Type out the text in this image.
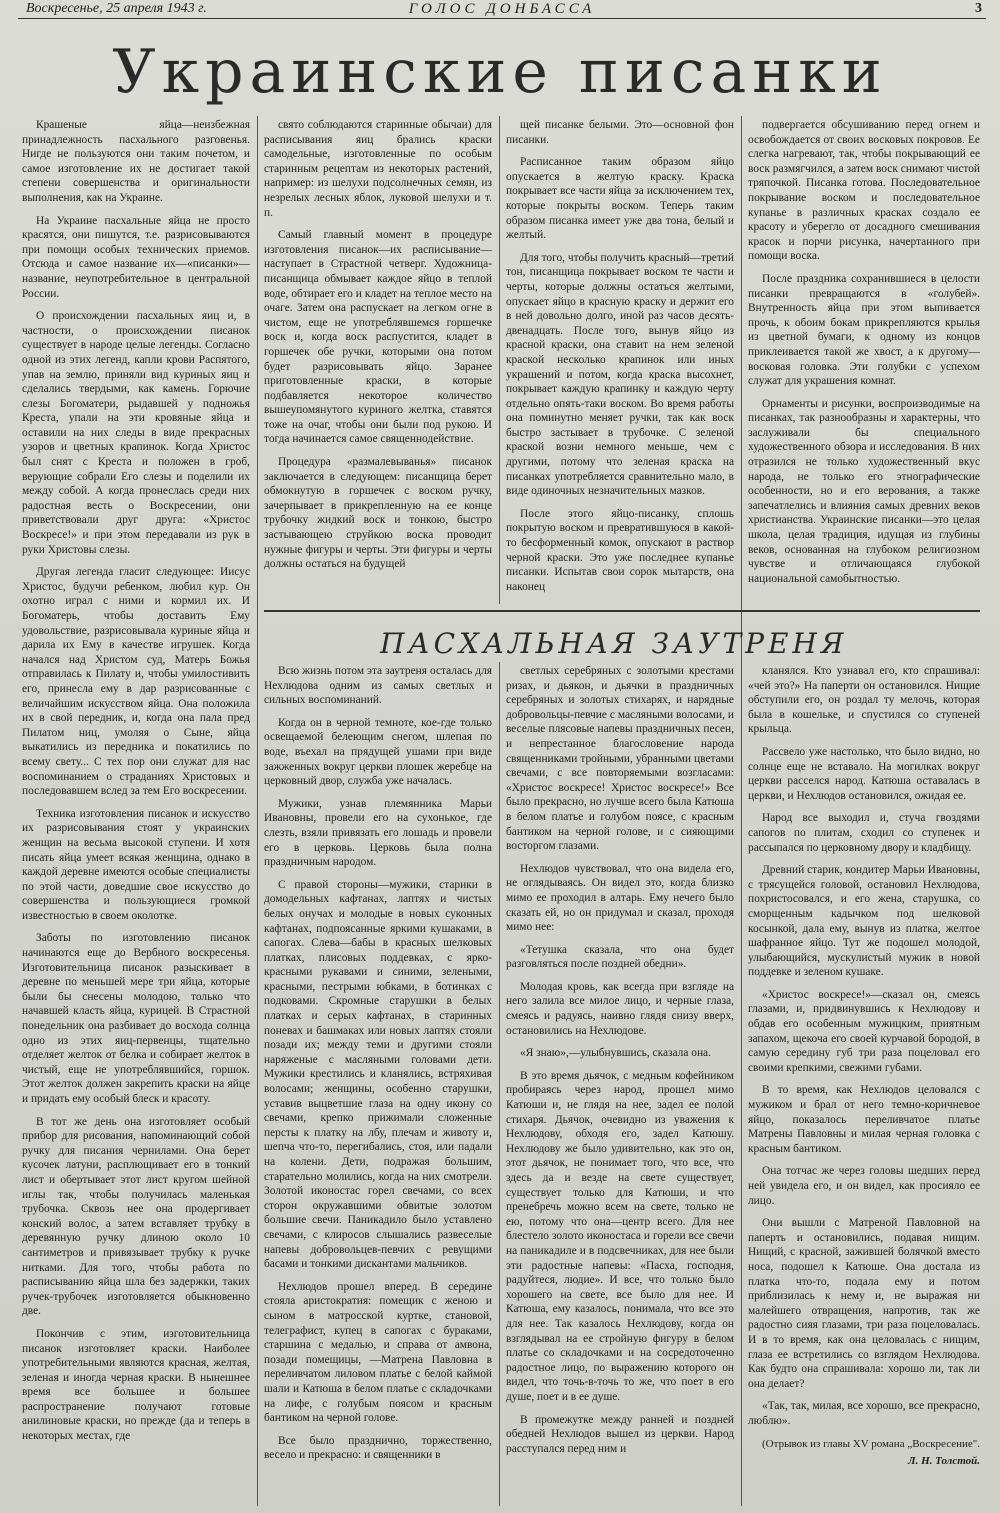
Воскресенье, 25 апреля 1943 г.	ГОЛОС ДОНБАССА	3
Украинские писанки

Крашеные яйца—неизбежная принадлежность пасхального разговенья. Нигде не пользуются они таким почетом, и самое изготовление их не достигает такой степени совершенства и оригинальности выполнения, как на Украине.

На Украине пасхальные яйца не просто красятся, они пишутся, т.е. разрисовываются при помощи особых технических приемов. Отсюда и самое название их—«писанки»—название, неупотребительное в центральной России.

О происхождении пасхальных яиц и, в частности, о происхождении писанок существует в народе целые легенды. Согласно одной из этих легенд, капли крови Распятого, упав на землю, приняли вид куриных яиц и сделались твердыми, как камень. Горючие слезы Богоматери, рыдавшей у подножья Креста, упали на эти кровяные яйца и оставили на них следы в виде прекрасных узоров и цветных крапинок. Когда Христос был снят с Креста и положен в гроб, верующие собрали Его слезы и поделили их между собой. А когда пронеслась среди них радостная весть о Воскресении, они приветствовали друг друга: «Христос Воскресе!» и при этом передавали из рук в руки Христовы слезы.

Другая легенда гласит следующее: Иисус Христос, будучи ребенком, любил кур. Он охотно играл с ними и кормил их. И Богоматерь, чтобы доставить Ему удовольствие, разрисовывала куриные яйца и дарила их Ему в качестве игрушек. Когда начался над Христом суд, Матерь Божья отправилась к Пилату и, чтобы умилостивить его, принесла ему в дар разрисованные с величайшим искусством яйца. Она положила их в свой передник, и, когда она пала пред Пилатом ниц, умоляя о Сыне, яйца выкатились из передника и покатились по всему свету... С тех пор они служат для нас воспоминанием о страданиях Христовых и последовавшем вслед за тем Его воскресении.

Техника изготовления писанок и искусство их разрисовывания стоят у украинских женщин на весьма высокой ступени. И хотя писать яйца умеет всякая женщина, однако в каждой деревне имеются особые специалисты по этой части, доведшие свое искусство до совершенства и пользующиеся громкой известностью в своем околотке.

Заботы по изготовлению писанок начинаются еще до Вербного воскресенья. Изготовительница писанок разыскивает в деревне по меньшей мере три яйца, которые были бы снесены молодою, только что начавшей класть яйца, курицей. В Страстной понедельник она разбивает до восхода солнца одно из этих яиц-первенцы, тщательно отделяет желток от белка и собирает желток в чистый, еще не употреблявшийся, горшок. Этот желток должен закрепить краски на яйце и придать ему особый блеск и красоту.

В тот же день она изготовляет особый прибор для рисования, напоминающий собой ручку для писания чернилами. Она берет кусочек латуни, расплющивает его в тонкий лист и обертывает этот лист кругом шейной иглы так, чтобы получилась маленькая трубочка. Сквозь нее она продергивает конский волос, а затем вставляет трубку в деревянную ручку длиною около 10 сантиметров и привязывает трубку к ручке нитками. Для того, чтобы работа по расписыванию яйца шла без задержки, таких ручек-трубочек изготовляется обыкновенно две.

Покончив с этим, изготовительница писанок изготовляет краски. Наиболее употребительными являются красная, желтая, зеленая и иногда черная краски. В нынешнее время все большее и большее распространение получают готовые анилиновые краски, но прежде (да и теперь в некоторых местах, где

свято соблюдаются старинные обычаи) для расписывания яиц брались краски самодельные, изготовленные по особым старинным рецептам из некоторых растений, например: из шелухи подсолнечных семян, из незрелых лесных яблок, луковой шелухи и т. п.

Самый главный момент в процедуре изготовления писанок—их расписывание—наступает в Страстной четверг. Художница-писанщица обмывает каждое яйцо в теплой воде, обтирает его и кладет на теплое место на очаге. Затем она распускает на легком огне в чистом, еще не употреблявшемся горшечке воск и, когда воск распустится, кладет в горшечек обе ручки, которыми она потом будет разрисовывать яйцо. Заранее приготовленные краски, в которые подбавляется некоторое количество вышеупомянутого куриного желтка, ставятся тоже на очаг, чтобы они были под рукою. И тогда начинается самое священнодействие.

Процедура «размалевыванья» писанок заключается в следующем: писанщица берет обмокнутую в горшечек с воском ручку, зачерпывает в прикрепленную на ее конце трубочку жидкий воск и тонкою, быстро застывающею струйкою воска проводит нужные фигуры и черты. Эти фигуры и черты должны остаться на будущей

щей писанке белыми. Это—основной фон писанки.

Расписанное таким образом яйцо опускается в желтую краску. Краска покрывает все части яйца за исключением тех, которые покрыты воском. Теперь таким образом писанка имеет уже два тона, белый и желтый.

Для того, чтобы получить красный—третий тон, писанщица покрывает воском те части и черты, которые должны остаться желтыми, опускает яйцо в красную краску и держит его в ней довольно долго, иной раз часов десять-двенадцать. После того, вынув яйцо из красной краски, она ставит на нем зеленой краской несколько крапинок или иных украшений и потом, когда краска высохнет, покрывает каждую крапинку и каждую черту отдельно опять-таки воском. Во время работы она поминутно меняет ручки, так как воск быстро застывает в трубочке. С зеленой краской возни немного меньше, чем с другими, потому что зеленая краска на писанках употребляется сравнительно мало, в виде одиночных незначительных мазков.

После этого яйцо-писанку, сплошь покрытую воском и превратившуюся в какой-то бесформенный комок, опускают в раствор черной краски. Это уже последнее купанье писанки. Испытав свои сорок мытарств, она наконец

подвергается обсушиванию перед огнем и освобождается от своих восковых покровов. Ее слегка нагревают, так, чтобы покрывающий ее воск размягчился, а затем воск снимают чистой тряпочкой. Писанка готова. Последовательное покрывание воском и последовательное купанье в различных красках создало ее красоту и уберегло от досадного смешивания красок и порчи рисунка, начертанного при помощи воска.

После праздника сохранившиеся в целости писанки превращаются в «голубей». Внутренность яйца при этом выпивается прочь, к обоим бокам прикрепляются крылья из цветной бумаги, к одному из концов приклеивается такой же хвост, а к другому—восковая головка. Эти голубки с успехом служат для украшения комнат.

Орнаменты и рисунки, воспроизводимые на писанках, так разнообразны и характерны, что заслуживали бы специального художественного обзора и исследования. В них отразился не только художественный вкус народа, не только его этнографические особенности, но и его верования, а также запечатлелись и влияния самых древних веков христианства. Украинские писанки—это целая школа, целая традиция, идущая из глубины веков, основанная на глубоком религиозном чувстве и отличающаяся глубокой национальной самобытностью.

ПАСХАЛЬНАЯ ЗАУТРЕНЯ

Всю жизнь потом эта заутреня осталась для Нехлюдова одним из самых светлых и сильных воспоминаний.

Когда он в черной темноте, кое-где только освещаемой белеющим снегом, шлепая по воде, въехал на прядущей ушами при виде зажженных вокруг церкви плошек жеребце на церковный двор, служба уже началась.

Мужики, узнав племянника Марьи Ивановны, провели его на сухонькое, где слезть, взяли привязать его лошадь и провели его в церковь. Церковь была полна праздничным народом.

С правой стороны—мужики, старики в домодельных кафтанах, лаптях и чистых белых онучах и молодые в новых суконных кафтанах, подпоясанные яркими кушаками, в сапогах. Слева—бабы в красных шелковых платках, плисовых поддевках, с ярко-красными рукавами и синими, зелеными, красными, пестрыми юбками, в ботинках с подковами. Скромные старушки в белых платках и серых кафтанах, в старинных поневах и башмаках или новых лаптях стояли позади их; между теми и другими стояли наряженые с масляными головами дети. Мужики крестились и кланялись, встряхивая волосами; женщины, особенно старушки, уставив выцветшие глаза на одну икону со свечами, крепко прижимали сложенные персты к платку на лбу, плечам и животу и, шепча что-то, перегибались, стоя, или падали на колени. Дети, подражая большим, старательно молились, когда на них смотрели. Золотой иконостас горел свечами, со всех сторон окружавшими обвитые золотом большие свечи. Паникадило было уставлено свечами, с клиросов слышались развеселые напевы добровольцев-певчих с ревущими басами и тонкими дискантами мальчиков.

Нехлюдов прошел вперед. В середине стояла аристократия: помещик с женою и сыном в матросской куртке, становой, телеграфист, купец в сапогах с бураками, старшина с медалью, и справа от амвона, позади помещицы, —Матрена Павловна в переливчатом лиловом платье с белой каймой шали и Катюша в белом платье с складочками на лифе, с голубым поясом и красным бантиком на черной голове.

Все было празднично, торжественно, весело и прекрасно: и священники в

светлых серебряных с золотыми крестами ризах, и дьякон, и дьячки в праздничных серебряных и золотых стихарях, и нарядные добровольцы-певчие с масляными волосами, и веселые плясовые напевы праздничных песен, и непрестанное благословение народа священниками тройными, убранными цветами свечами, с все повторяемыми возгласами: «Христос воскресе! Христос воскресе!» Все было прекрасно, но лучше всего была Катюша в белом платье и голубом поясе, с красным бантиком на черной голове, и с сияющими восторгом глазами.

Нехлюдов чувствовал, что она видела его, не оглядываясь. Он видел это, когда близко мимо ее проходил в алтарь. Ему нечего было сказать ей, но он придумал и сказал, проходя мимо нее:

«Тетушка сказала, что она будет разговляться после поздней обедни».

Молодая кровь, как всегда при взгляде на него залила все милое лицо, и черные глаза, смеясь и радуясь, наивно глядя снизу вверх, остановились на Нехлюдове.

«Я знаю»,—улыбнувшись, сказала она.

В это время дьячок, с медным кофейником пробираясь через народ, прошел мимо Катюши и, не глядя на нее, задел ее полой стихаря. Дьячок, очевидно из уважения к Нехлюдову, обходя его, задел Катюшу. Нехлюдову же было удивительно, как это он, этот дьячок, не понимает того, что все, что здесь да и везде на свете существует, существует только для Катюши, и что пренебречь можно всем на свете, только не ею, потому что она—центр всего. Для нее блестело золото иконостаса и горели все свечи на паникадиле и в подсвечниках, для нее были эти радостные напевы: «Пасха, господня, радуйтеся, людие». И все, что только было хорошего на свете, все было для нее. И Катюша, ему казалось, понимала, что все это для нее. Так казалось Нехлюдову, когда он взглядывал на ее стройную фигуру в белом платье со складочками и на сосредоточенно радостное лицо, по выражению которого он видел, что точь-в-точь то же, что поет в его душе, поет и в ее душе.

В промежутке между ранней и поздней обедней Нехлюдов вышел из церкви. Народ расступался перед ним и

кланялся. Кто узнавал его, кто спрашивал: «чей это?» На паперти он остановился. Нищие обступили его, он роздал ту мелочь, которая была в кошельке, и спустился со ступеней крыльца.

Рассвело уже настолько, что было видно, но солнце еще не вставало. На могилках вокруг церкви расселся народ. Катюша оставалась в церкви, и Нехлюдов остановился, ожидая ее.

Народ все выходил и, стуча гвоздями сапогов по плитам, сходил со ступенек и рассыпался по церковному двору и кладбищу.

Древний старик, кондитер Марьи Ивановны, с трясущейся головой, остановил Нехлюдова, похристосовался, и его жена, старушка, со сморщенным кадычком под шелковой косынкой, дала ему, вынув из платка, желтое шафранное яйцо. Тут же подошел молодой, улыбающийся, мускулистый мужик в новой поддевке и зеленом кушаке.

«Христос воскресе!»—сказал он, смеясь глазами, и, придвинувшись к Нехлюдову и обдав его особенным мужицким, приятным запахом, щекоча его своей курчавой бородой, в самую середину губ три раза поцеловал его своими крепкими, свежими губами.

В то время, как Нехлюдов целовался с мужиком и брал от него темно-коричневое яйцо, показалось переливчатое платье Матрены Павловны и милая черная головка с красным бантиком.

Она тотчас же через головы шедших перед ней увидела его, и он видел, как просияло ее лицо.

Они вышли с Матреной Павловной на паперть и остановились, подавая нищим. Нищий, с красной, зажившей болячкой вместо носа, подошел к Катюше. Она достала из платка что-то, подала ему и потом приблизилась к нему и, не выражая ни малейшего отвращения, напротив, так же радостно сияя глазами, три раза поцеловалась. И в то время, как она целовалась с нищим, глаза ее встретились со взглядом Нехлюдова. Как будто она спрашивала: хорошо ли, так ли она делает?

«Так, так, милая, все хорошо, все прекрасно, люблю».

(Отрывок из главы XV романа „Воскресение".
Л. Н. Толстой.
